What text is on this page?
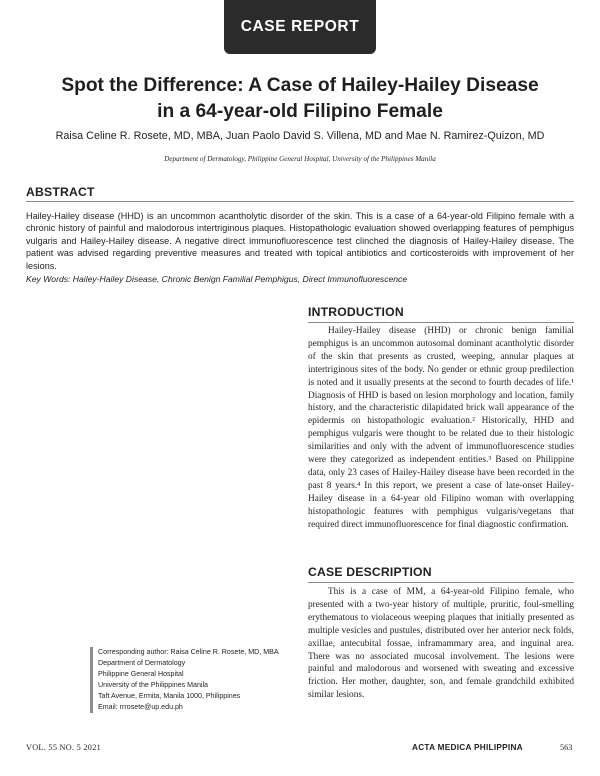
CASE REPORT
Spot the Difference: A Case of Hailey-Hailey Disease
in a 64-year-old Filipino Female
Raisa Celine R. Rosete, MD, MBA, Juan Paolo David S. Villena, MD and Mae N. Ramirez-Quizon, MD
Department of Dermatology, Philippine General Hospital, University of the Philippines Manila
ABSTRACT
Hailey-Hailey disease (HHD) is an uncommon acantholytic disorder of the skin. This is a case of a 64-year-old Filipino female with a chronic history of painful and malodorous intertriginous plaques. Histopathologic evaluation showed overlapping features of pemphigus vulgaris and Hailey-Hailey disease. A negative direct immunofluorescence test clinched the diagnosis of Hailey-Hailey disease. The patient was advised regarding preventive measures and treated with topical antibiotics and corticosteroids with improvement of her lesions.
Key Words: Hailey-Hailey Disease, Chronic Benign Familial Pemphigus, Direct Immunofluorescence
INTRODUCTION

Hailey-Hailey disease (HHD) or chronic benign familial pemphigus is an uncommon autosomal dominant acantholytic disorder of the skin that presents as crusted, weeping, annular plaques at intertriginous sites of the body. No gender or ethnic group predilection is noted and it usually presents at the second to fourth decades of life.¹ Diagnosis of HHD is based on lesion morphology and location, family history, and the characteristic dilapidated brick wall appearance of the epidermis on histopathologic evaluation.² Historically, HHD and pemphigus vulgaris were thought to be related due to their histologic similarities and only with the advent of immunofluorescence studies were they categorized as independent entities.³ Based on Philippine data, only 23 cases of Hailey-Hailey disease have been recorded in the past 8 years.⁴ In this report, we present a case of late-onset Hailey-Hailey disease in a 64-year old Filipino woman with overlapping histopathologic features with pemphigus vulgaris/vegetans that required direct immunofluorescence for final diagnostic confirmation.

CASE DESCRIPTION

This is a case of MM, a 64-year-old Filipino female, who presented with a two-year history of multiple, pruritic, foul-smelling erythematous to violaceous weeping plaques that initially presented as multiple vesicles and pustules, distributed over her anterior neck folds, axillae, antecubital fossae, inframammary area, and inguinal area. There was no associated mucosal involvement. The lesions were painful and malodorous and worsened with sweating and excessive friction. Her mother, daughter, son, and female grandchild exhibited similar lesions.

Corresponding author: Raisa Celine R. Rosete, MD, MBA
Department of Dermatology
Philippine General Hospital
University of the Philippines Manila
Taft Avenue, Ermita, Manila 1000, Philippines
Email: rrrosete@up.edu.ph
VOL. 55 NO. 5 2021	ACTA MEDICA PHILIPPINA	563
